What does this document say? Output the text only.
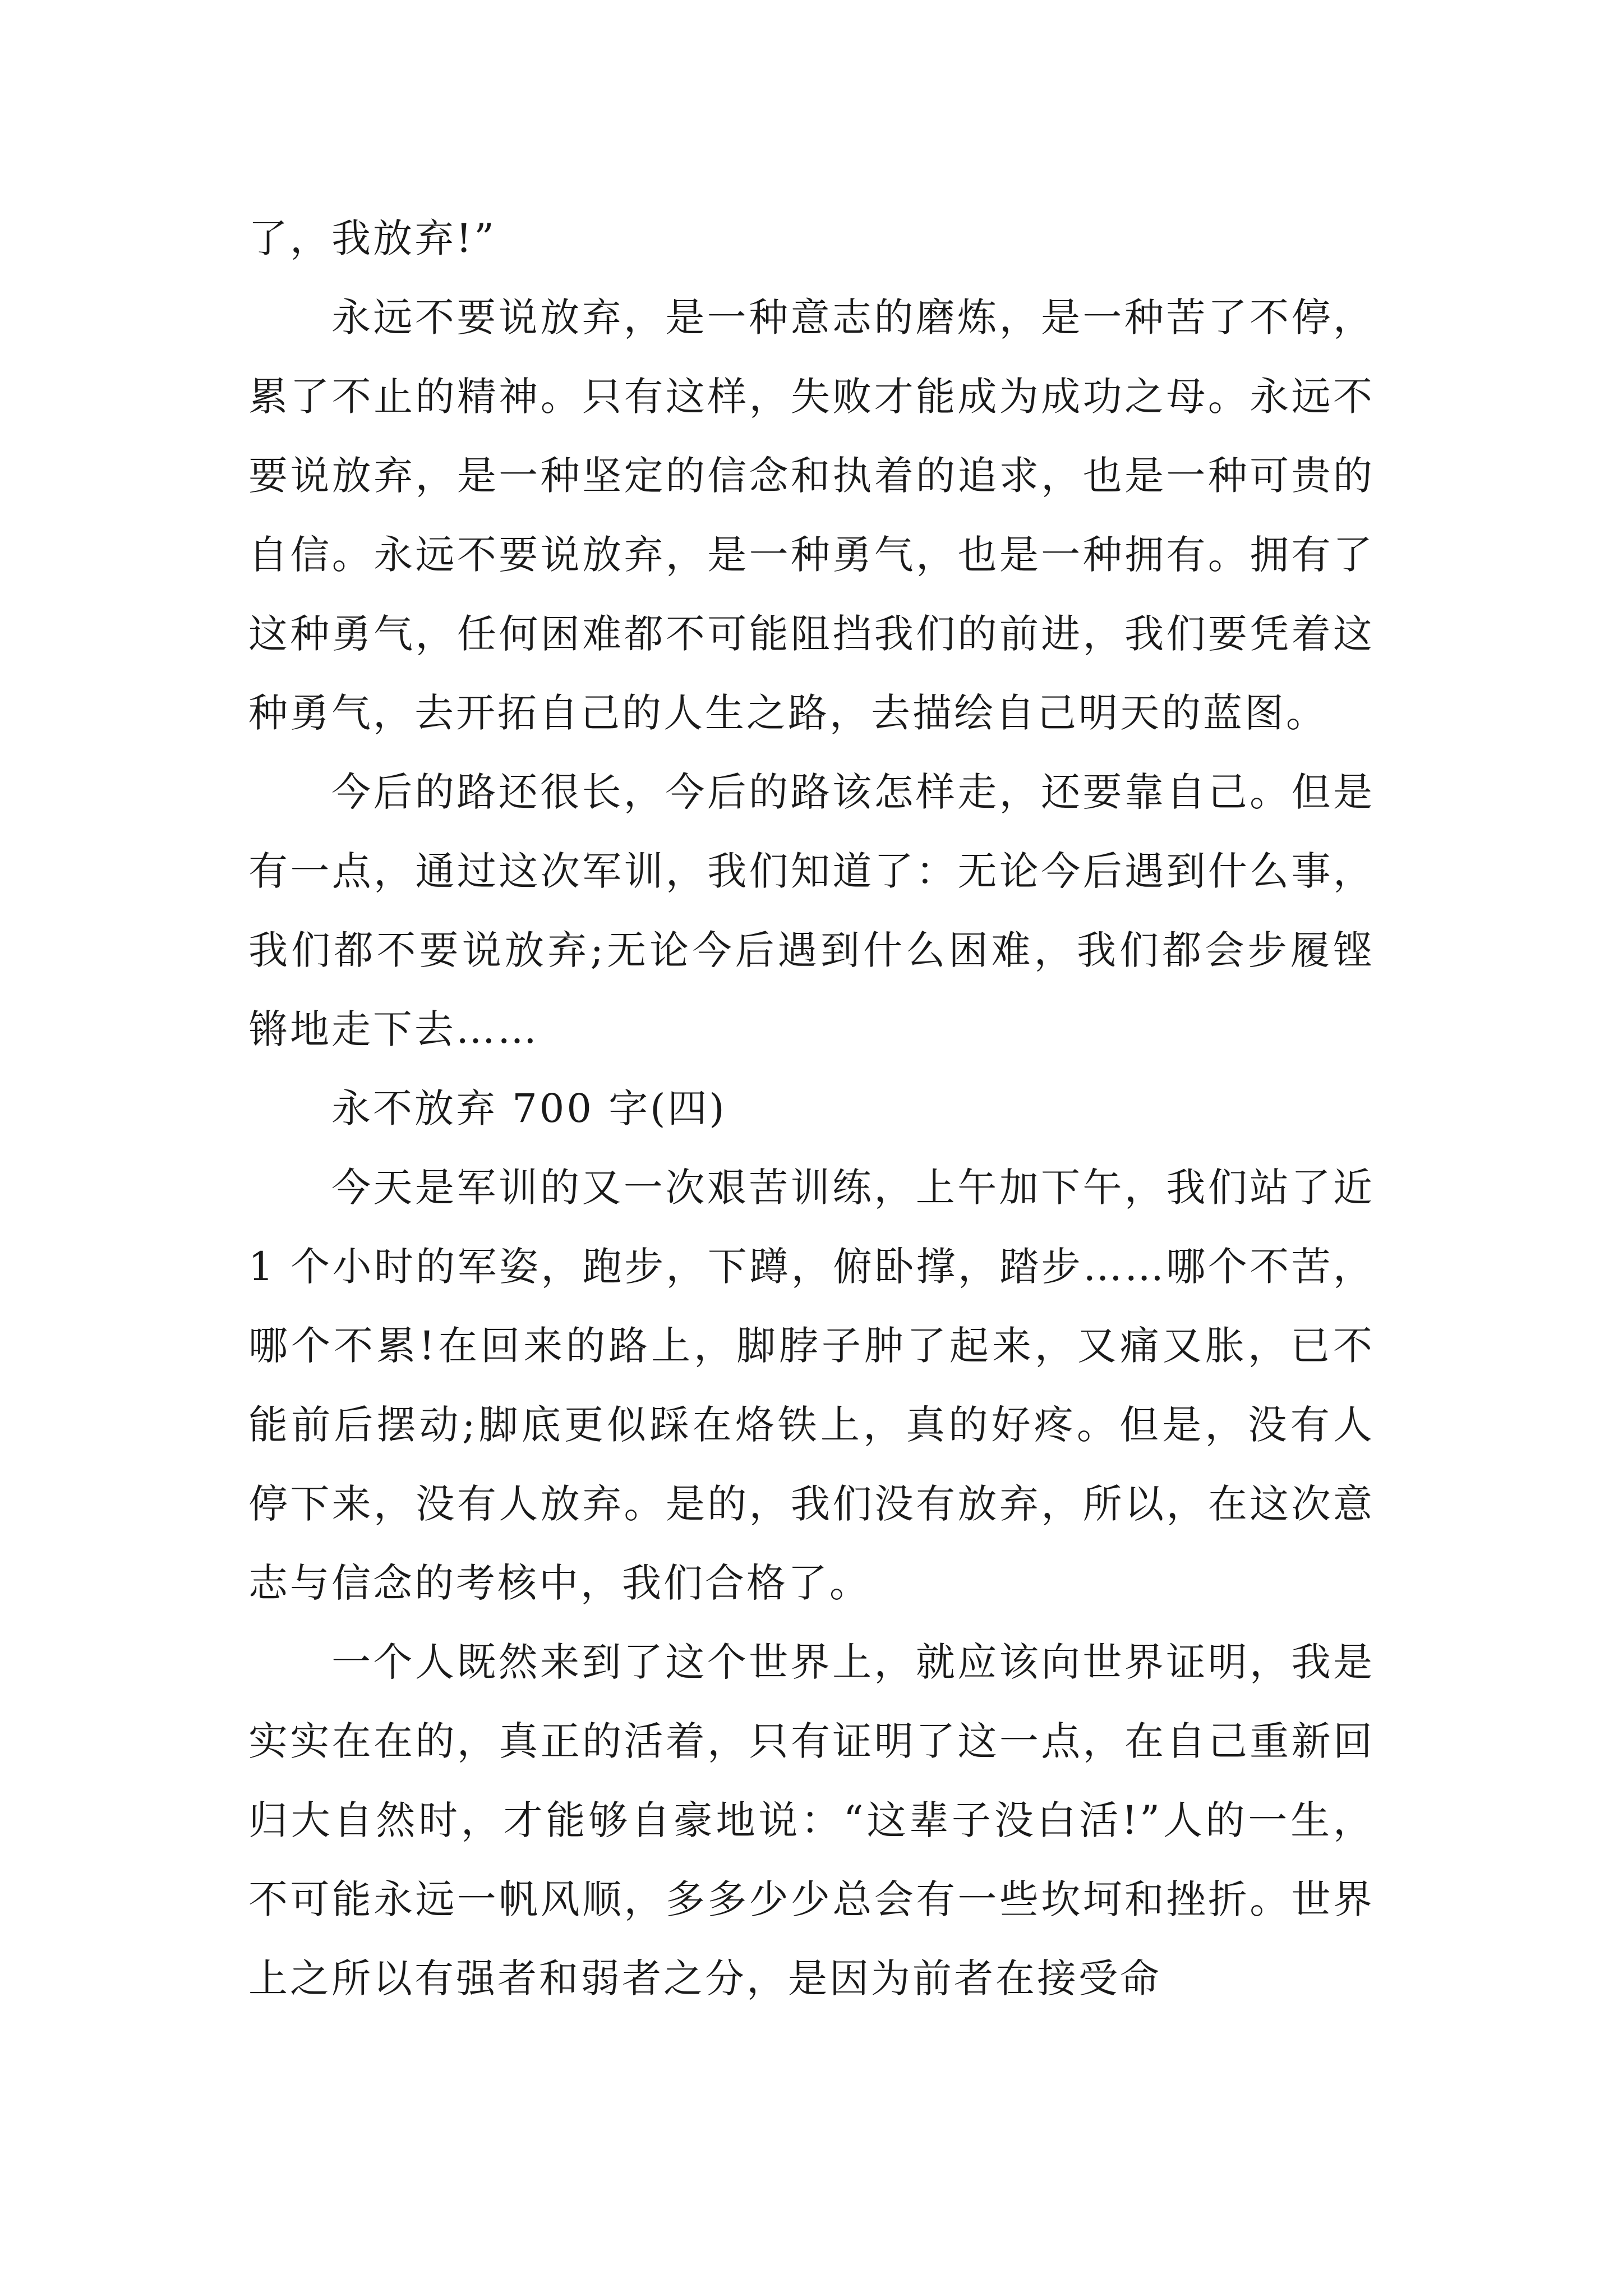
了，我放弃!”

永远不要说放弃，是一种意志的磨炼，是一种苦了不停，累了不止的精神。只有这样，失败才能成为成功之母。永远不要说放弃，是一种坚定的信念和执着的追求，也是一种可贵的自信。永远不要说放弃，是一种勇气，也是一种拥有。拥有了这种勇气，任何困难都不可能阻挡我们的前进，我们要凭着这种勇气，去开拓自己的人生之路，去描绘自己明天的蓝图。

今后的路还很长，今后的路该怎样走，还要靠自己。但是有一点，通过这次军训，我们知道了：无论今后遇到什么事，我们都不要说放弃;无论今后遇到什么困难，我们都会步履铿锵地走下去……

永不放弃 700 字(四)

今天是军训的又一次艰苦训练，上午加下午，我们站了近 1 个小时的军姿，跑步，下蹲，俯卧撑，踏步……哪个不苦，哪个不累!在回来的路上，脚脖子肿了起来，又痛又胀，已不能前后摆动;脚底更似踩在烙铁上，真的好疼。但是，没有人停下来，没有人放弃。是的，我们没有放弃，所以，在这次意志与信念的考核中，我们合格了。

一个人既然来到了这个世界上，就应该向世界证明，我是实实在在的，真正的活着，只有证明了这一点，在自己重新回归大自然时，才能够自豪地说：“这辈子没白活!”人的一生，不可能永远一帆风顺，多多少少总会有一些坎坷和挫折。世界上之所以有强者和弱者之分，是因为前者在接受命
